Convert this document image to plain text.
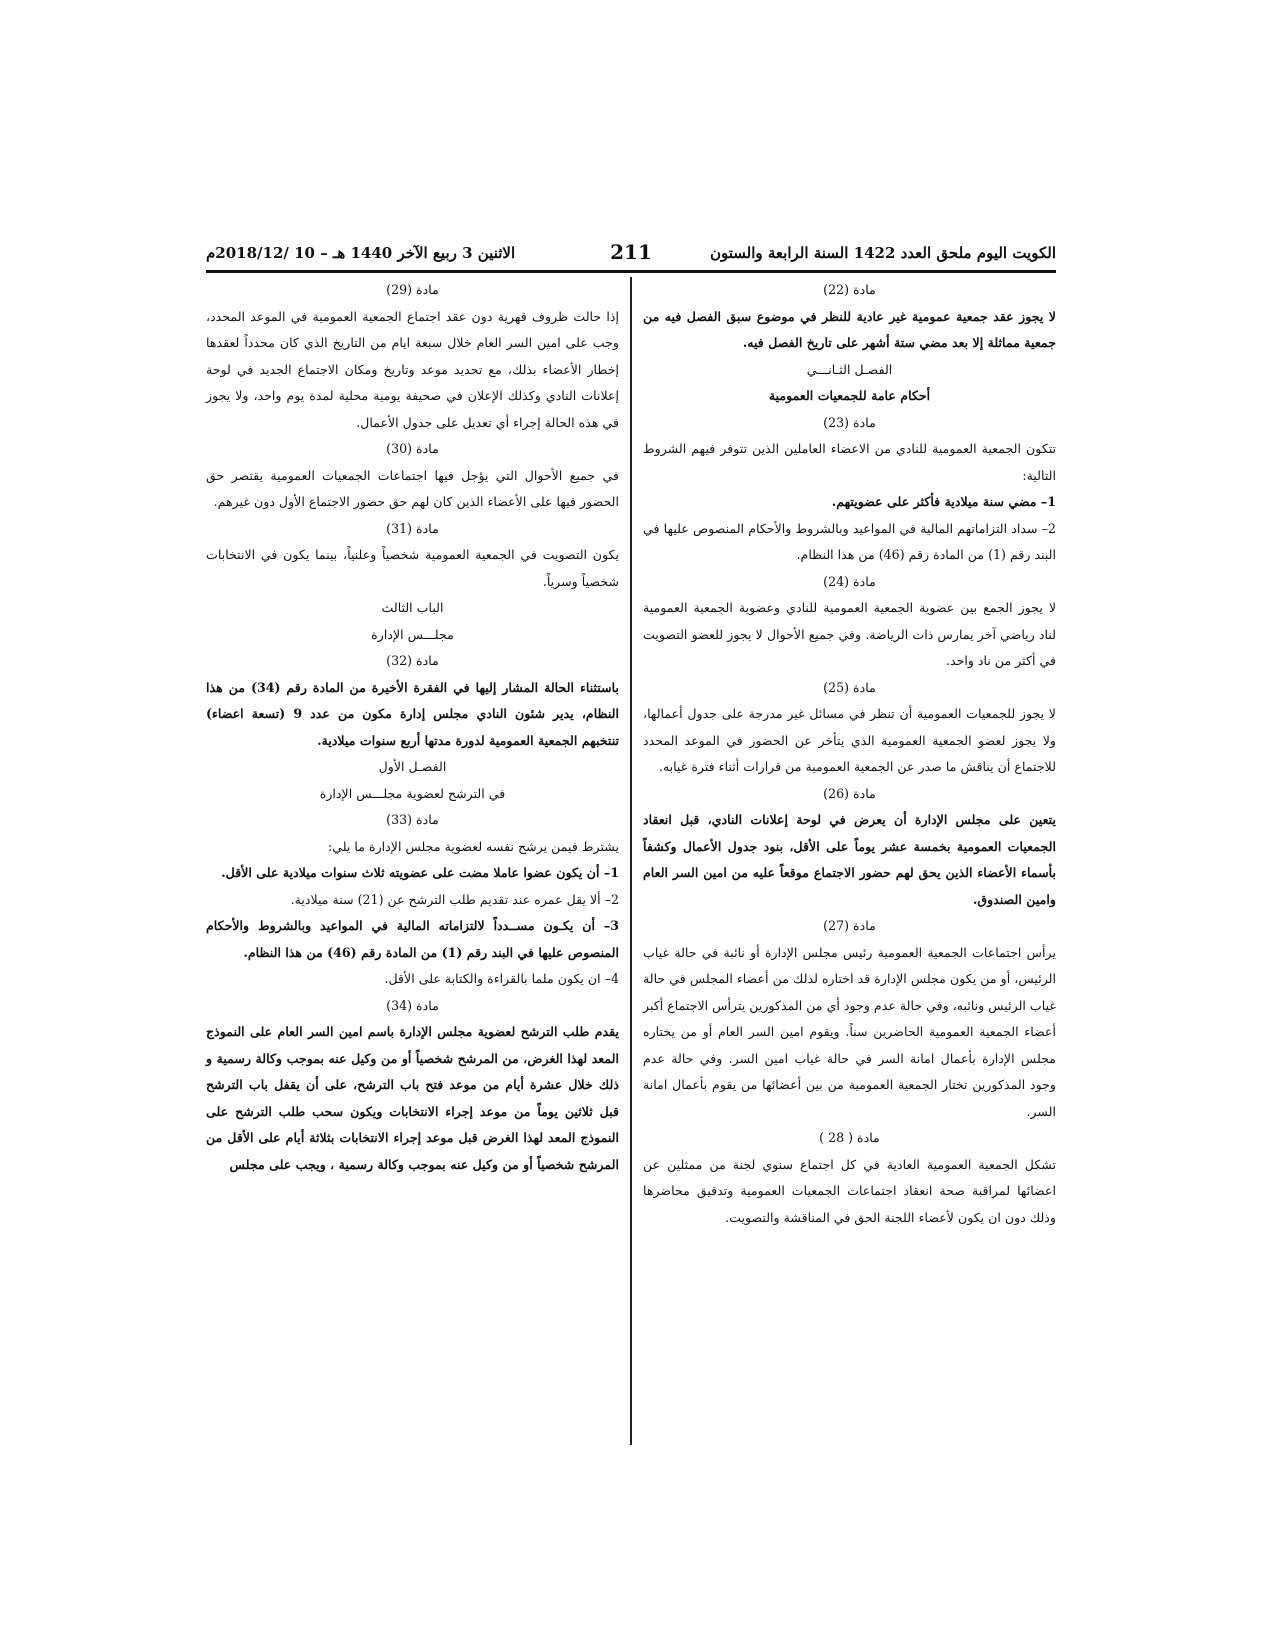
الكويت اليوم ملحق العدد 1422 السنة الرابعة والستون
211
الاثنين 3 ربيع الآخر 1440 هـ – 10 /2018/12م

مادة (22)

لا يجوز عقد جمعية عمومية غير عادية للنظر في موضوع سبق الفصل فيه من جمعية مماثلة إلا بعد مضي ستة أشهر على تاريخ الفصل فيه.

الفصـل الثـانـــي

أحكام عامة للجمعيات العمومية

مادة (23)

تتكون الجمعية العمومية للنادي من الاعضاء العاملين الذين تتوفر فيهم الشروط التالية:

1– مضي سنة ميلادية فأكثر على عضويتهم.

2– سداد التزاماتهم المالية في المواعيد وبالشروط والأحكام المنصوص عليها في البند رقم (1) من المادة رقم (46) من هذا النظام.

مادة (24)

لا يجوز الجمع بين عضوية الجمعية العمومية للنادي وعضوية الجمعية العمومية لناد رياضي آخر يمارس ذات الرياضة. وفي جميع الأحوال لا يجوز للعضو التصويت في أكثر من ناد واحد.

مادة (25)

لا يجوز للجمعيات العمومية أن تنظر في مسائل غير مدرجة على جدول أعمالها، ولا يجوز لعضو الجمعية العمومية الذي يتأخر عن الحضور في الموعد المحدد للاجتماع أن يناقش ما صدر عن الجمعية العمومية من قرارات أثناء فترة غيابه.

مادة (26)

يتعين على مجلس الإدارة أن يعرض في لوحة إعلانات النادي، قبل انعقاد الجمعيات العمومية بخمسة عشر يوماً على الأقل، بنود جدول الأعمال وكشفاً بأسماء الأعضاء الذين يحق لهم حضور الاجتماع موقعاً عليه من امين السر العام وامين الصندوق.

مادة (27)

يرأس اجتماعات الجمعية العمومية رئيس مجلس الإدارة أو نائبة في حالة غياب الرئيس، أو من يكون مجلس الإدارة قد اختاره لذلك من أعضاء المجلس في حالة غياب الرئيس ونائبه، وفي حالة عدم وجود أي من المذكورين يترأس الاجتماع أكبر أعضاء الجمعية العمومية الحاضرين سناً. ويقوم امين السر العام أو من يختاره مجلس الإدارة بأعمال امانة السر في حالة غياب امين السر. وفي حالة عدم وجود المذكورين تختار الجمعية العمومية من بين أعضائها من يقوم بأعمال امانة السر.

مادة ( 28 )

تشكل الجمعية العمومية العادية في كل اجتماع سنوي لجنة من ممثلين عن اعضائها لمراقبة صحة انعقاد اجتماعات الجمعيات العمومية وتدقيق محاضرها وذلك دون ان يكون لأعضاء اللجنة الحق في المناقشة والتصويت.

مادة (29)

إذا حالت ظروف قهرية دون عقد اجتماع الجمعية العمومية في الموعد المحدد، وجب على امين السر العام خلال سبعة ايام من التاريخ الذي كان محدداً لعقدها إخطار الأعضاء بذلك، مع تحديد موعد وتاريخ ومكان الاجتماع الجديد في لوحة إعلانات النادي وكذلك الإعلان في صحيفة يومية محلية لمدة يوم واحد، ولا يجوز في هذه الحالة إجراء أي تعديل على جدول الأعمال.

مادة (30)

في جميع الأحوال التي يؤجل فيها اجتماعات الجمعيات العمومية يقتصر حق الحضور فيها على الأعضاء الذين كان لهم حق حضور الاجتماع الأول دون غيرهم.

مادة (31)

يكون التصويت في الجمعية العمومية شخصياً وعلنياً، بينما يكون في الانتخابات شخصياً وسرياً.

الباب الثالث

مجلـــس الإدارة

مادة (32)

باستثناء الحالة المشار إليها في الفقرة الأخيرة من المادة رقم (34) من هذا النظام، يدير شئون النادي مجلس إدارة مكون من عدد 9 (تسعة اعضاء) تنتخبهم الجمعية العمومية لدورة مدتها أربع سنوات ميلادية.

الفصـل الأول

في الترشح لعضوية مجلـــس الإدارة

مادة (33)

يشترط فيمن يرشح نفسه لعضوية مجلس الإدارة ما يلي:

1– أن يكون عضوا عاملا مضت على عضويته ثلاث سنوات ميلادية على الأقل.

2– ألا يقل عمره عند تقديم طلب الترشح عن (21) سنة ميلادية.

3– أن يكـون مســدداً لالتزاماته المالية في المواعيد وبالشروط والأحكام المنصوص عليها في البند رقم (1) من المادة رقم (46) من هذا النظام.

4– ان يكون ملما بالقراءة والكتابة على الأقل.

مادة (34)

يقدم طلب الترشح لعضوية مجلس الإدارة باسم امين السر العام على النموذج المعد لهذا الغرض، من المرشح شخصياً أو من وكيل عنه بموجب وكالة رسمية و ذلك خلال عشرة أيام من موعد فتح باب الترشح، على أن يقفل باب الترشح قبل ثلاثين يوماً من موعد إجراء الانتخابات ويكون سحب طلب الترشح على النموذج المعد لهذا الغرض قبل موعد إجراء الانتخابات بثلاثة أيام على الأقل من المرشح شخصياً أو من وكيل عنه بموجب وكالة رسمية ، ويجب على مجلس
